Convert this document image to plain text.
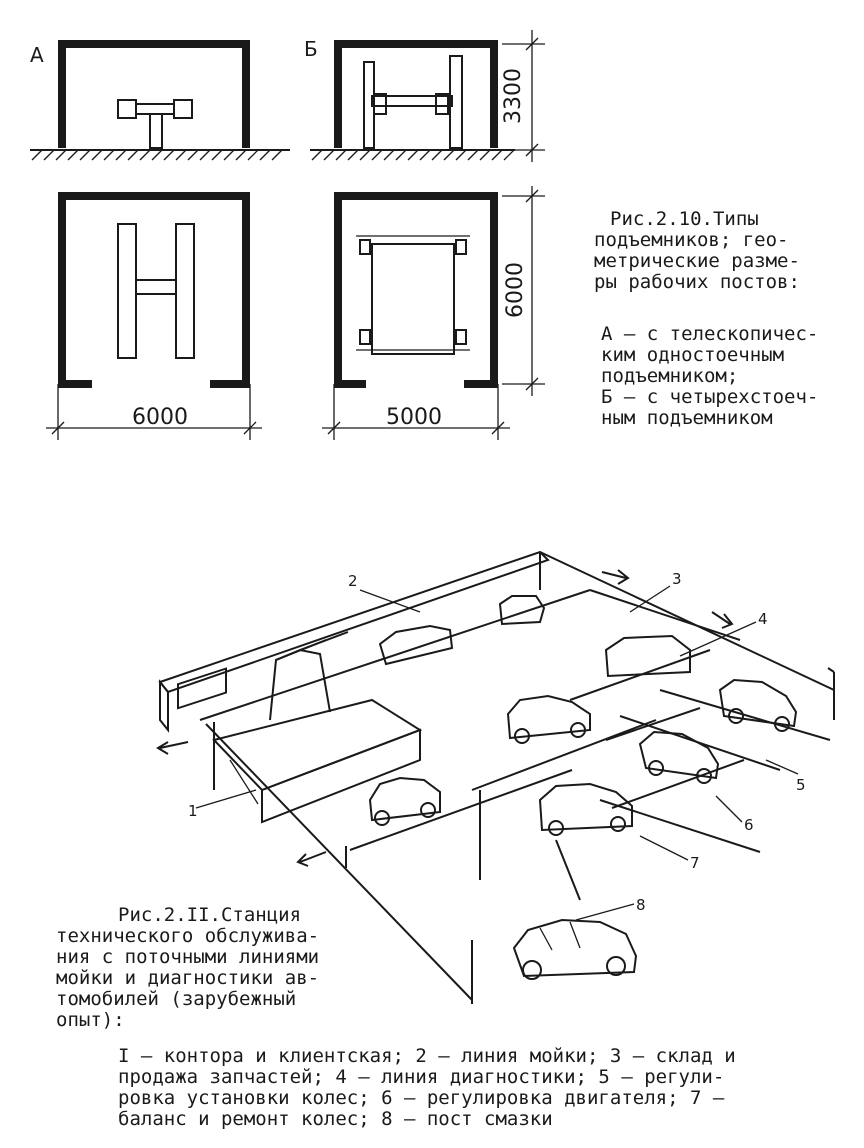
А	Б
3300
6000	5000
6000
Рис.2.10.Типы
подъемников; гео-
метрические разме-
ры рабочих постов:
А – с телескопичес-
ким одностоечным
подъемником;
Б – с четырехстоеч-
ным подъемником
1
2	3
4
5
6
7
8
Рис.2.II.Станция
технического обслужива-
ния с поточными линиями
мойки и диагностики ав-
томобилей (зарубежный
опыт):
I – контора и клиентская; 2 – линия мойки; 3 – склад и
продажа запчастей; 4 – линия диагностики; 5 – регули-
ровка установки колес; 6 – регулировка двигателя; 7 –
баланс и ремонт колес; 8 – пост смазки
